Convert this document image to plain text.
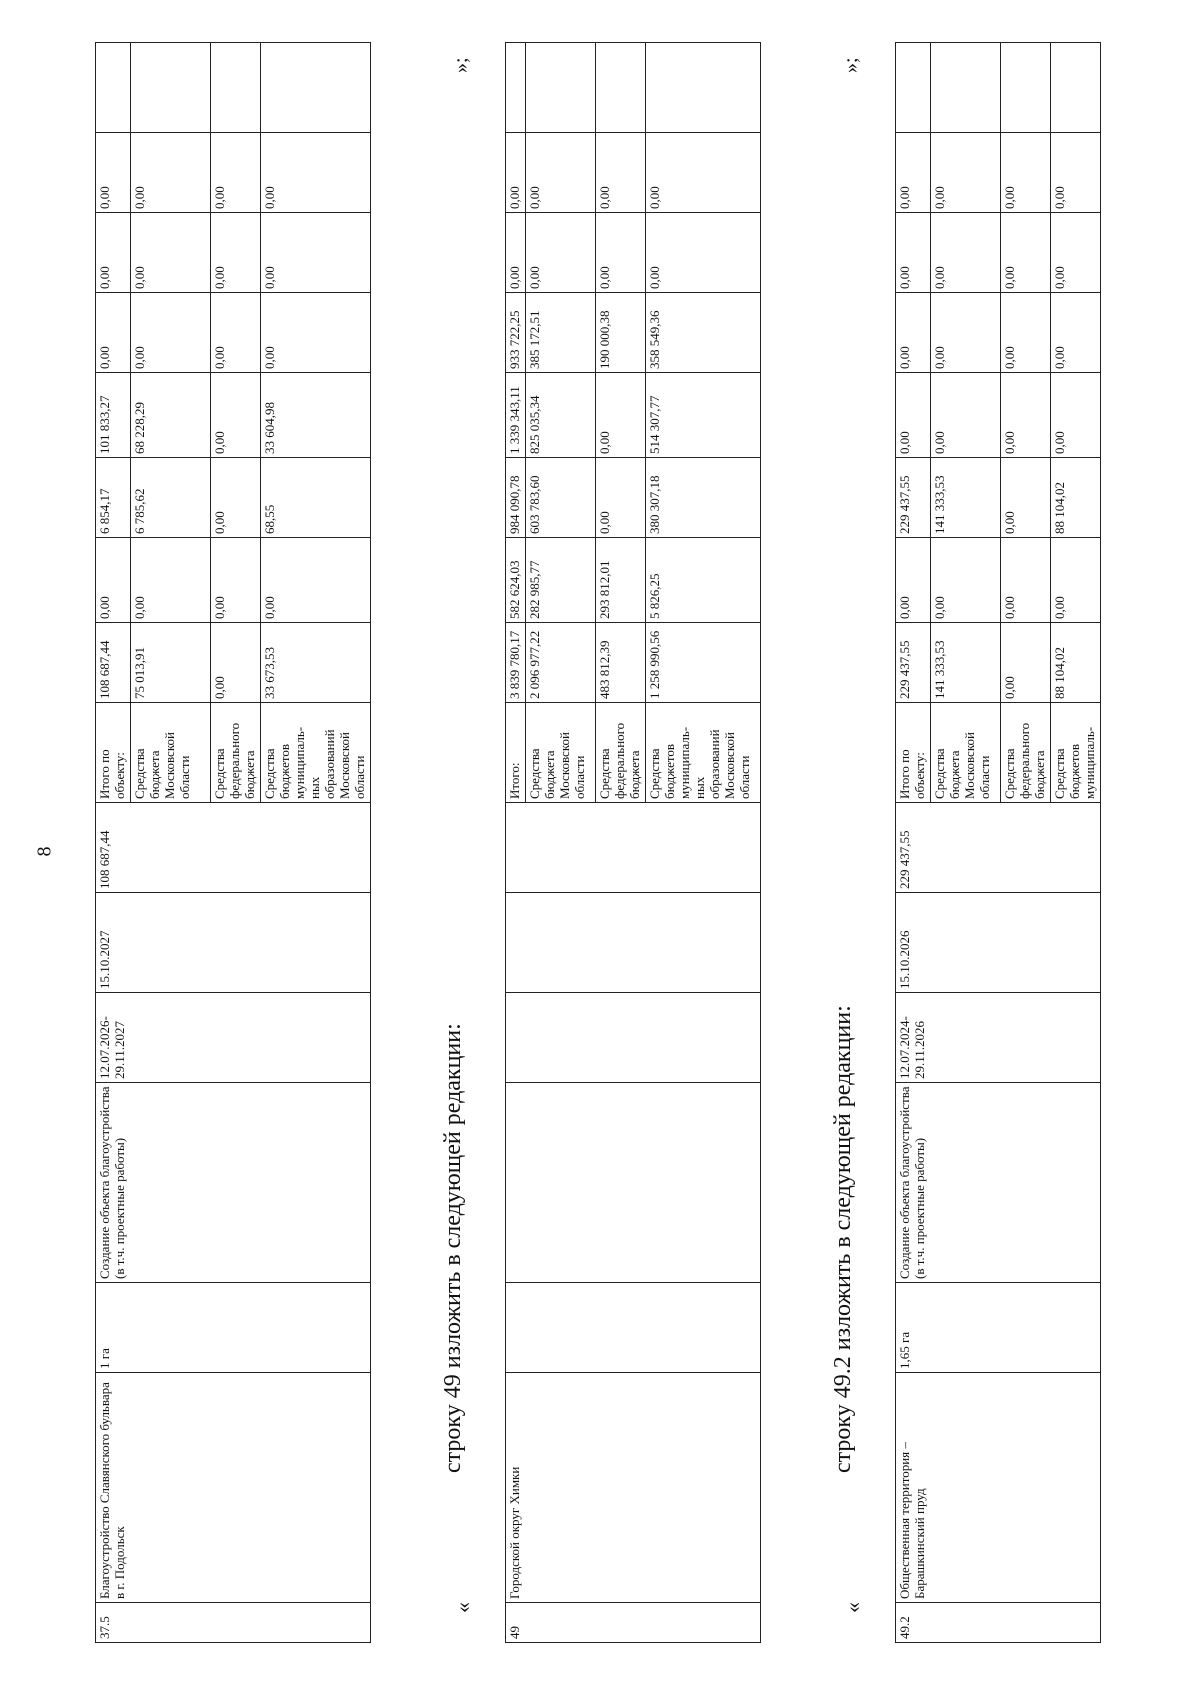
8
37.5	Благоустройство Славянского бульвара в г. Подольск	1 га	Создание объекта благоустройства (в т.ч. проектные работы)	12.07.2026-29.11.2027	15.10.2027	108 687,44	Итого по объекту:	108 687,44	0,00	6 854,17	101 833,27	0,00	0,00	0,00	
							Средства бюджета Московской области	75 013,91	0,00	6 785,62	68 228,29	0,00	0,00	0,00	
							Средства федерального бюджета	0,00	0,00	0,00	0,00	0,00	0,00	0,00	
							Средства бюджетов муниципаль-ных образований Московской области	33 673,53	0,00	68,55	33 604,98	0,00	0,00	0,00	
»;
строку 49 изложить в следующей редакции:
«
49	Городской округ Химки						Итого:	3 839 780,17	582 624,03	984 090,78	1 339 343,11	933 722,25	0,00	0,00	
							Средства бюджета Московской области	2 096 977,22	282 985,77	603 783,60	825 035,34	385 172,51	0,00	0,00	
							Средства федерального бюджета	483 812,39	293 812,01	0,00	0,00	190 000,38	0,00	0,00	
							Средства бюджетов муниципаль-ных образований Московской области	1 258 990,56	5 826,25	380 307,18	514 307,77	358 549,36	0,00	0,00	
»;
строку 49.2 изложить в следующей редакции:
«
49.2	Общественная территория – Барашкинский пруд	1,65 га	Создание объекта благоустройства (в т.ч. проектные работы)	12.07.2024-29.11.2026	15.10.2026	229 437,55	Итого по объекту:	229 437,55	0,00	229 437,55	0,00	0,00	0,00	0,00	
							Средства бюджета Московской области	141 333,53	0,00	141 333,53	0,00	0,00	0,00	0,00	
							Средства федерального бюджета	0,00	0,00	0,00	0,00	0,00	0,00	0,00	
							Средства бюджетов муниципаль-	88 104,02	0,00	88 104,02	0,00	0,00	0,00	0,00	
